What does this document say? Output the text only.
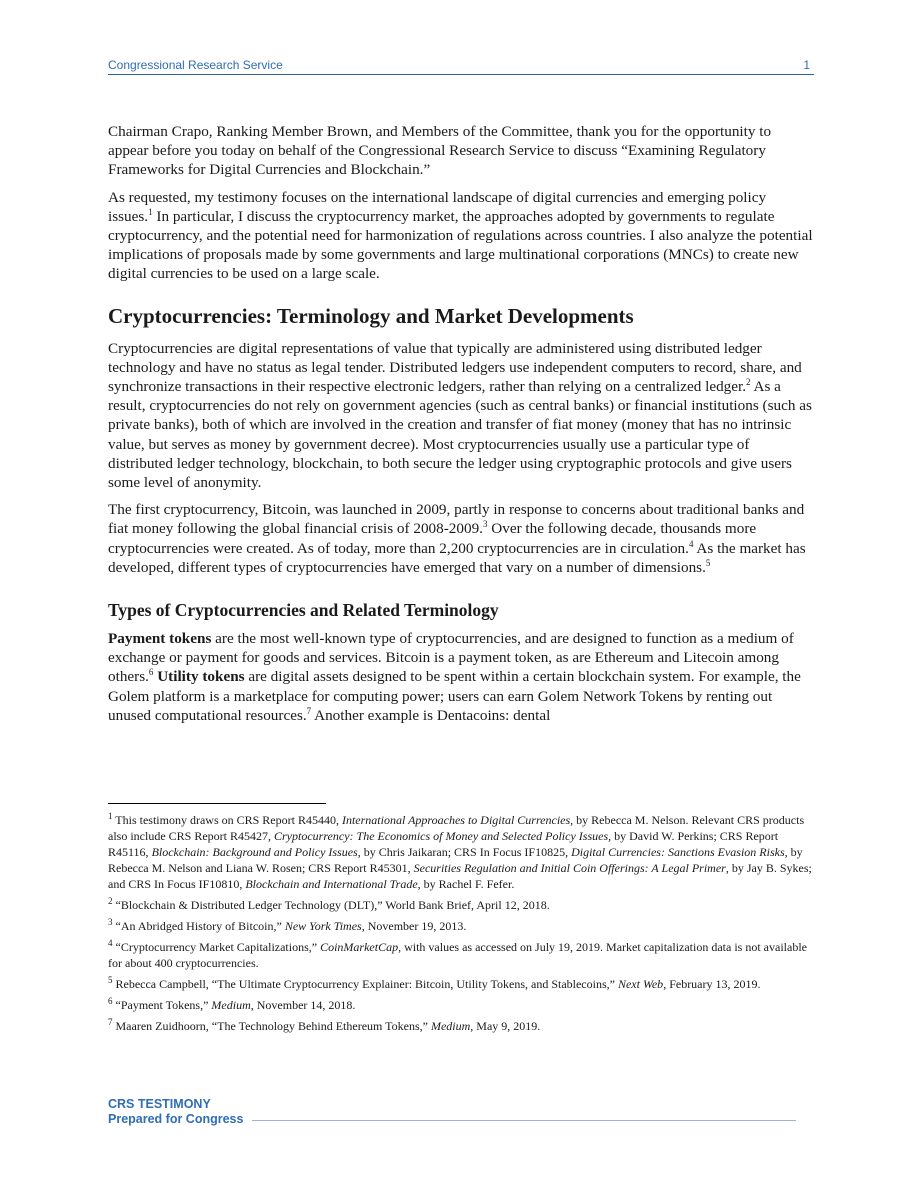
Congressional Research Service	1

Chairman Crapo, Ranking Member Brown, and Members of the Committee, thank you for the opportunity to appear before you today on behalf of the Congressional Research Service to discuss “Examining Regulatory Frameworks for Digital Currencies and Blockchain.”

As requested, my testimony focuses on the international landscape of digital currencies and emerging policy issues.$^1$ In particular, I discuss the cryptocurrency market, the approaches adopted by governments to regulate cryptocurrency, and the potential need for harmonization of regulations across countries. I also analyze the potential implications of proposals made by some governments and large multinational corporations (MNCs) to create new digital currencies to be used on a large scale.

Cryptocurrencies: Terminology and Market Developments

Cryptocurrencies are digital representations of value that typically are administered using distributed ledger technology and have no status as legal tender. Distributed ledgers use independent computers to record, share, and synchronize transactions in their respective electronic ledgers, rather than relying on a centralized ledger.$^2$ As a result, cryptocurrencies do not rely on government agencies (such as central banks) or financial institutions (such as private banks), both of which are involved in the creation and transfer of fiat money (money that has no intrinsic value, but serves as money by government decree). Most cryptocurrencies usually use a particular type of distributed ledger technology, blockchain, to both secure the ledger using cryptographic protocols and give users some level of anonymity.

The first cryptocurrency, Bitcoin, was launched in 2009, partly in response to concerns about traditional banks and fiat money following the global financial crisis of 2008-2009.$^3$ Over the following decade, thousands more cryptocurrencies were created. As of today, more than 2,200 cryptocurrencies are in circulation.$^4$ As the market has developed, different types of cryptocurrencies have emerged that vary on a number of dimensions.$^5$

Types of Cryptocurrencies and Related Terminology

Payment tokens are the most well-known type of cryptocurrencies, and are designed to function as a medium of exchange or payment for goods and services. Bitcoin is a payment token, as are Ethereum and Litecoin among others.$^6$ Utility tokens are digital assets designed to be spent within a certain blockchain system. For example, the Golem platform is a marketplace for computing power; users can earn Golem Network Tokens by renting out unused computational resources.$^7$ Another example is Dentacoins: dental

$^1$ This testimony draws on CRS Report R45440, International Approaches to Digital Currencies, by Rebecca M. Nelson. Relevant CRS products also include CRS Report R45427, Cryptocurrency: The Economics of Money and Selected Policy Issues, by David W. Perkins; CRS Report R45116, Blockchain: Background and Policy Issues, by Chris Jaikaran; CRS In Focus IF10825, Digital Currencies: Sanctions Evasion Risks, by Rebecca M. Nelson and Liana W. Rosen; CRS Report R45301, Securities Regulation and Initial Coin Offerings: A Legal Primer, by Jay B. Sykes; and CRS In Focus IF10810, Blockchain and International Trade, by Rachel F. Fefer.

$^2$ “Blockchain & Distributed Ledger Technology (DLT),” World Bank Brief, April 12, 2018.

$^3$ “An Abridged History of Bitcoin,” New York Times, November 19, 2013.

$^4$ “Cryptocurrency Market Capitalizations,” CoinMarketCap, with values as accessed on July 19, 2019. Market capitalization data is not available for about 400 cryptocurrencies.

$^5$ Rebecca Campbell, “The Ultimate Cryptocurrency Explainer: Bitcoin, Utility Tokens, and Stablecoins,” Next Web, February 13, 2019.

$^6$ “Payment Tokens,” Medium, November 14, 2018.

$^7$ Maaren Zuidhoorn, “The Technology Behind Ethereum Tokens,” Medium, May 9, 2019.

CRS TESTIMONY
Prepared for Congress
